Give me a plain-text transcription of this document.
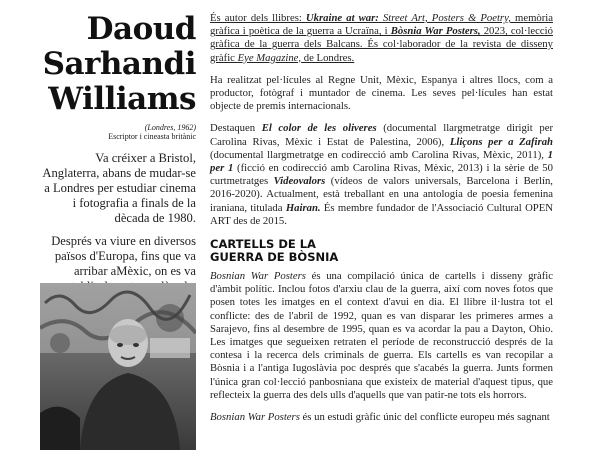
Daoud
Sarhandi
Williams
(Londres, 1962)
Escriptor i cineasta britànic

Va créixer a Bristol, Anglaterra, abans de mudar-se a Londres per estudiar cinema i fotografia a finals de la dècada de 1980.

Després va viure en diversos països d'Europa, fins que va arribar aMèxic, on es va

És autor dels llibres: Ukraine at war: Street Art, Posters & Poetry, memòria gràfica i poètica de la guerra a Ucraïna, i Bòsnia War Posters, 2023, col·lecció gràfica de la guerra dels Balcans. És col·laborador de la revista de disseny gràfic Eye Magazine, de Londres.

Ha realitzat pel·lícules al Regne Unit, Mèxic, Espanya i altres llocs, com a productor, fotògraf i muntador de cinema. Les seves pel·lícules han estat objecte de premis internacionals.

Destaquen El color de les oliveres (documental llargmetratge dirigit per Carolina Rivas, Mèxic i Estat de Palestina, 2006), Lliçons per a Zafirah (documental llargmetratge en codirecció amb Carolina Rivas, Mèxic, 2011), 1 per 1 (ficció en codirecció amb Carolina Rivas, Mèxic, 2013) i la sèrie de 50 curtmetratges Videovalors (vídeos de valors universals, Barcelona i Berlín, 2016-2020). Actualment, està treballant en una antologia de poesia femenina iraniana, titulada Hairan. És membre fundador de l'Associació Cultural OPEN ART des de 2015.

CARTELLS DE LA
GUERRA DE BÒSNIA

Bosnian War Posters és una compilació única de cartells i disseny gràfic d'àmbit polític. Inclou fotos d'arxiu clau de la guerra, així com noves fotos que posen totes les imatges en el context d'avui en dia. El llibre il·lustra tot el conflicte: des de l'abril de 1992, quan es van disparar les primeres armes a Sarajevo, fins al desembre de 1995, quan es va acordar la pau a Dayton, Ohio. Les imatges que segueixen retraten el període de reconstrucció després de la contesa i la recerca dels criminals de guerra. Els cartells es van recopilar a Bòsnia i a l'antiga Iugoslàvia poc després que s'acabés la guerra. Junts formen l'única gran col·lecció panbosniana que existeix de material d'aquest tipus, que reflecteix la guerra des dels ulls d'aquells que van patir-ne tots els horrors.

Bosnian War Posters és un estudi gràfic únic del conflicte europeu més sagnant
